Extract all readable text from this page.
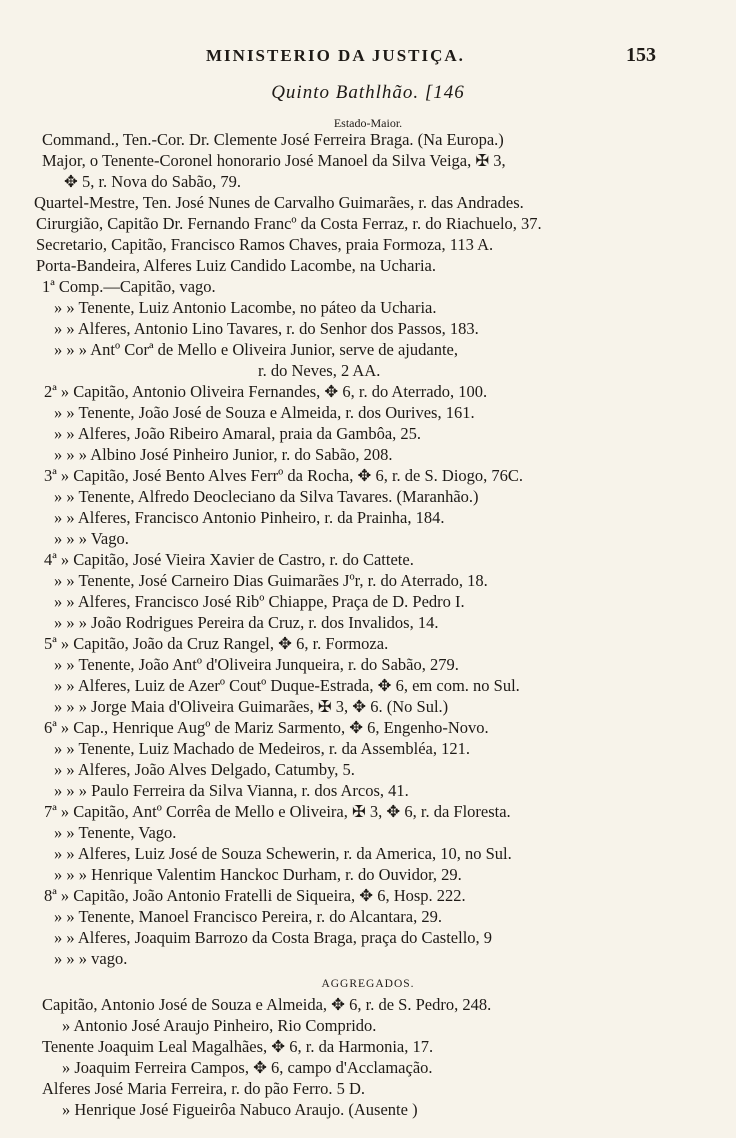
MINISTERIO DA JUSTIÇA.	153
Quinto Bathlhão. [146
Estado-Maior.
Command., Ten.-Cor. Dr. Clemente José Ferreira Braga. (Na Europa.)
Major, o Tenente-Coronel honorario José Manoel da Silva Veiga, ✠ 3,
✥ 5, r. Nova do Sabão, 79.
Quartel-Mestre, Ten. José Nunes de Carvalho Guimarães, r. das Andrades.
Cirurgião, Capitão Dr. Fernando Francº da Costa Ferraz, r. do Riachuelo, 37.
Secretario, Capitão, Francisco Ramos Chaves, praia Formoza, 113 A.
Porta-Bandeira, Alferes Luiz Candido Lacombe, na Ucharia.
1ª Comp.—Capitão, vago.
» » Tenente, Luiz Antonio Lacombe, no páteo da Ucharia.
» » Alferes, Antonio Lino Tavares, r. do Senhor dos Passos, 183.
» » » Antº Corª de Mello e Oliveira Junior, serve de ajudante,
r. do Neves, 2 AA.
2ª » Capitão, Antonio Oliveira Fernandes, ✥ 6, r. do Aterrado, 100.
» » Tenente, João José de Souza e Almeida, r. dos Ourives, 161.
» » Alferes, João Ribeiro Amaral, praia da Gambôa, 25.
» » » Albino José Pinheiro Junior, r. do Sabão, 208.
3ª » Capitão, José Bento Alves Ferrº da Rocha, ✥ 6, r. de S. Diogo, 76C.
» » Tenente, Alfredo Deocleciano da Silva Tavares. (Maranhão.)
» » Alferes, Francisco Antonio Pinheiro, r. da Prainha, 184.
» » » Vago.
4ª » Capitão, José Vieira Xavier de Castro, r. do Cattete.
» » Tenente, José Carneiro Dias Guimarães Jºr, r. do Aterrado, 18.
» » Alferes, Francisco José Ribº Chiappe, Praça de D. Pedro I.
» » » João Rodrigues Pereira da Cruz, r. dos Invalidos, 14.
5ª » Capitão, João da Cruz Rangel, ✥ 6, r. Formoza.
» » Tenente, João Antº d'Oliveira Junqueira, r. do Sabão, 279.
» » Alferes, Luiz de Azerº Coutº Duque-Estrada, ✥ 6, em com. no Sul.
» » » Jorge Maia d'Oliveira Guimarães, ✠ 3, ✥ 6. (No Sul.)
6ª » Cap., Henrique Augº de Mariz Sarmento, ✥ 6, Engenho-Novo.
» » Tenente, Luiz Machado de Medeiros, r. da Assembléa, 121.
» » Alferes, João Alves Delgado, Catumby, 5.
» » » Paulo Ferreira da Silva Vianna, r. dos Arcos, 41.
7ª » Capitão, Antº Corrêa de Mello e Oliveira, ✠ 3, ✥ 6, r. da Floresta.
» » Tenente, Vago.
» » Alferes, Luiz José de Souza Schewerin, r. da America, 10, no Sul.
» » » Henrique Valentim Hanckoc Durham, r. do Ouvidor, 29.
8ª » Capitão, João Antonio Fratelli de Siqueira, ✥ 6, Hosp. 222.
» » Tenente, Manoel Francisco Pereira, r. do Alcantara, 29.
» » Alferes, Joaquim Barrozo da Costa Braga, praça do Castello, 9
» » » vago.
AGGREGADOS.
Capitão, Antonio José de Souza e Almeida, ✥ 6, r. de S. Pedro, 248.
» Antonio José Araujo Pinheiro, Rio Comprido.
Tenente Joaquim Leal Magalhães, ✥ 6, r. da Harmonia, 17.
» Joaquim Ferreira Campos, ✥ 6, campo d'Acclamação.
Alferes José Maria Ferreira, r. do pão Ferro. 5 D.
» Henrique José Figueirôa Nabuco Araujo. (Ausente )
